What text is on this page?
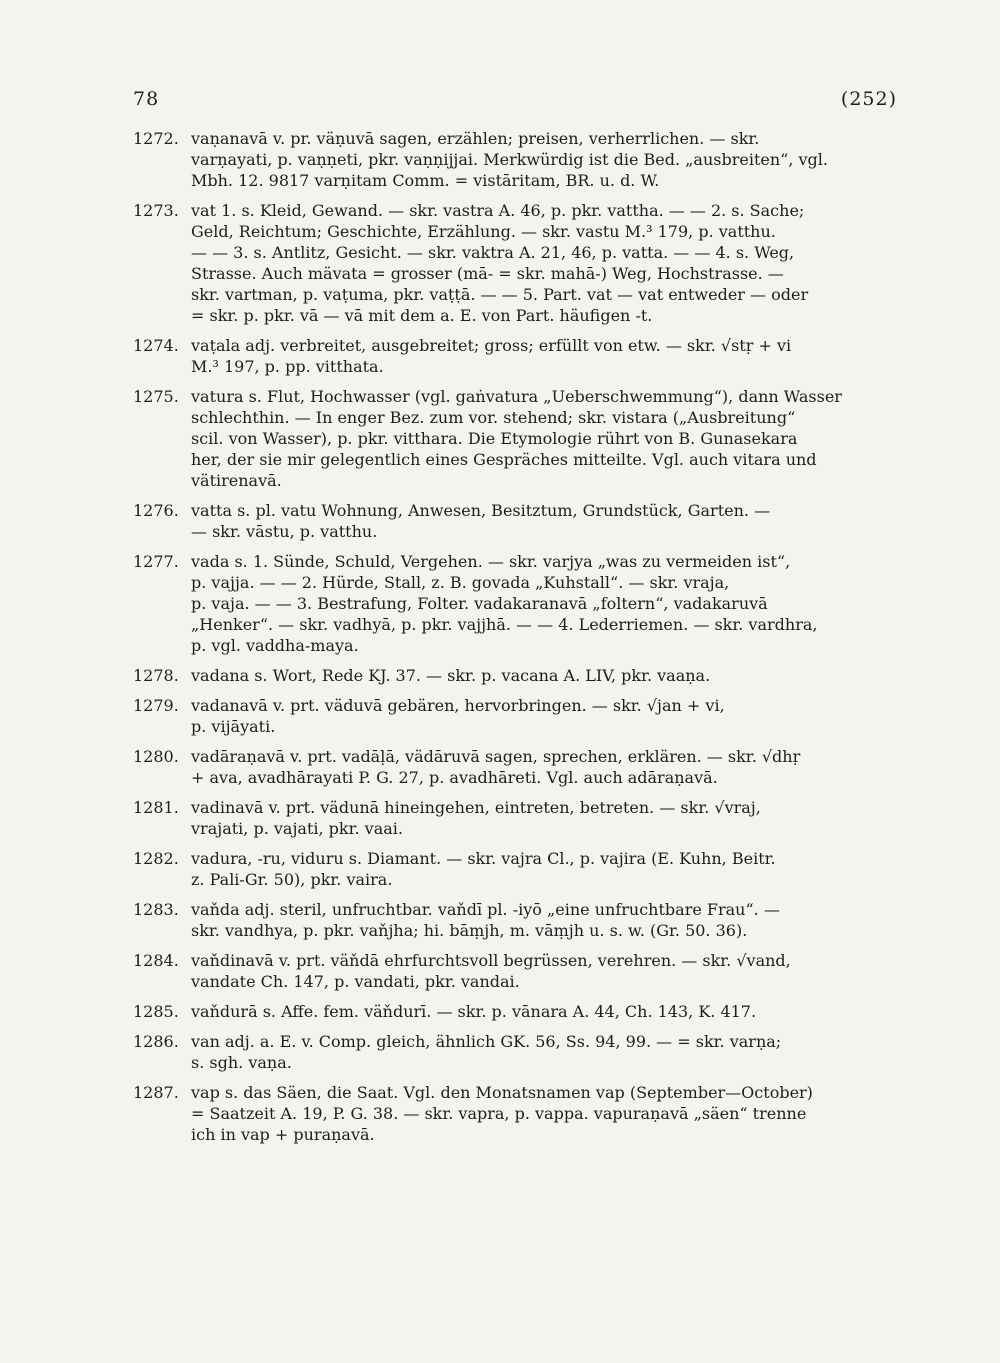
78	(252)
1272. vaṇanavā v. pr. väṇuvā sagen, erzählen; preisen, verherrlichen. — skr.
varṇayati, p. vaṇṇeti, pkr. vaṇṇijjai. Merkwürdig ist die Bed. „ausbreiten“, vgl.
Mbh. 12. 9817 varṇitam Comm. = vistāritam, BR. u. d. W.
1273. vat 1. s. Kleid, Gewand. — skr. vastra A. 46, p. pkr. vattha. — — 2. s. Sache;
Geld, Reichtum; Geschichte, Erzählung. — skr. vastu M.³ 179, p. vatthu.
— — 3. s. Antlitz, Gesicht. — skr. vaktra A. 21, 46, p. vatta. — — 4. s. Weg,
Strasse. Auch mävata = grosser (mā- = skr. mahā-) Weg, Hochstrasse. —
skr. vartman, p. vaṭuma, pkr. vaṭṭā. — — 5. Part. vat — vat entweder — oder
= skr. p. pkr. vā — vā mit dem a. E. von Part. häufigen -t.
1274. vaṭala adj. verbreitet, ausgebreitet; gross; erfüllt von etw. — skr. √stṛ + vi
M.³ 197, p. pp. vitthata.
1275. vatura s. Flut, Hochwasser (vgl. gaṅvatura „Ueberschwemmung“), dann Wasser
schlechthin. — In enger Bez. zum vor. stehend; skr. vistara („Ausbreitung“
scil. von Wasser), p. pkr. vitthara. Die Etymologie rührt von B. Gunasekara
her, der sie mir gelegentlich eines Gespräches mitteilte. Vgl. auch vitara und
vätirenavā.
1276. vatta s. pl. vatu Wohnung, Anwesen, Besitztum, Grundstück, Garten. —
— skr. vāstu, p. vatthu.
1277. vada s. 1. Sünde, Schuld, Vergehen. — skr. varjya „was zu vermeiden ist“,
p. vajja. — — 2. Hürde, Stall, z. B. govada „Kuhstall“. — skr. vraja,
p. vaja. — — 3. Bestrafung, Folter. vadakaranavā „foltern“, vadakaruvā
„Henker“. — skr. vadhyā, p. pkr. vajjhā. — — 4. Lederriemen. — skr. vardhra,
p. vgl. vaddha-maya.
1278. vadana s. Wort, Rede KJ. 37. — skr. p. vacana A. LIV, pkr. vaaṇa.
1279. vadanavā v. prt. väduvā gebären, hervorbringen. — skr. √jan + vi,
p. vijāyati.
1280. vadāraṇavā v. prt. vadāḷā, vädāruvā sagen, sprechen, erklären. — skr. √dhṛ
+ ava, avadhārayati P. G. 27, p. avadhāreti. Vgl. auch adāraṇavā.
1281. vadinavā v. prt. vädunā hineingehen, eintreten, betreten. — skr. √vraj,
vrajati, p. vajati, pkr. vaai.
1282. vadura, -ru, viduru s. Diamant. — skr. vajra Cl., p. vajira (E. Kuhn, Beitr.
z. Pali-Gr. 50), pkr. vaira.
1283. vaňda adj. steril, unfruchtbar. vaňdī pl. -iyō „eine unfruchtbare Frau“. —
skr. vandhya, p. pkr. vaňjha; hi. bāṃjh, m. vāṃjh u. s. w. (Gr. 50. 36).
1284. vaňdinavā v. prt. väňdā ehrfurchtsvoll begrüssen, verehren. — skr. √vand,
vandate Ch. 147, p. vandati, pkr. vandai.
1285. vaňdurā s. Affe. fem. väňdurī. — skr. p. vānara A. 44, Ch. 143, K. 417.
1286. van adj. a. E. v. Comp. gleich, ähnlich GK. 56, Ss. 94, 99. — = skr. varṇa;
s. sgh. vaṇa.
1287. vap s. das Säen, die Saat. Vgl. den Monatsnamen vap (September—October)
= Saatzeit A. 19, P. G. 38. — skr. vapra, p. vappa. vapuraṇavā „säen“ trenne
ich in vap + puraṇavā.
